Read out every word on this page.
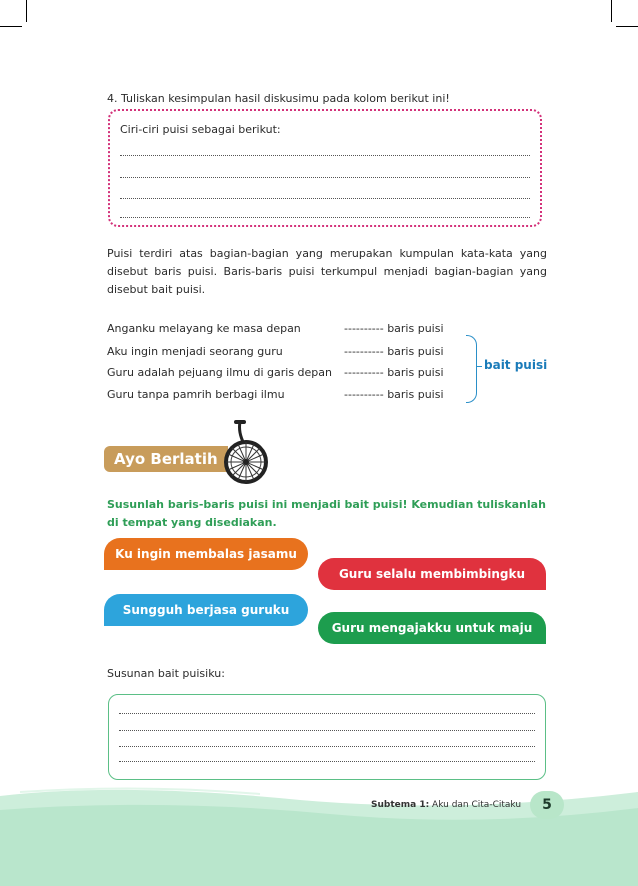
4. Tuliskan kesimpulan hasil diskusimu pada kolom berikut ini!
Ciri-ciri puisi sebagai berikut:
Puisi terdiri atas bagian-bagian yang merupakan kumpulan kata-kata yang disebut baris puisi. Baris-baris puisi terkumpul menjadi bagian-bagian yang disebut bait puisi.
Anganku melayang ke masa depan	---------- baris puisi
Aku ingin menjadi seorang guru	---------- baris puisi
Guru adalah pejuang ilmu di garis depan ---------- baris puisi
Guru tanpa pamrih berbagi ilmu	---------- baris puisi
bait puisi
Ayo Berlatih
Susunlah baris-baris puisi ini menjadi bait puisi! Kemudian tuliskanlah di tempat yang disediakan.
Ku ingin membalas jasamu
Guru selalu membimbingku
Sungguh berjasa guruku
Guru mengajakku untuk maju
Susunan bait puisiku:
Subtema 1: Aku dan Cita-Citaku	5
